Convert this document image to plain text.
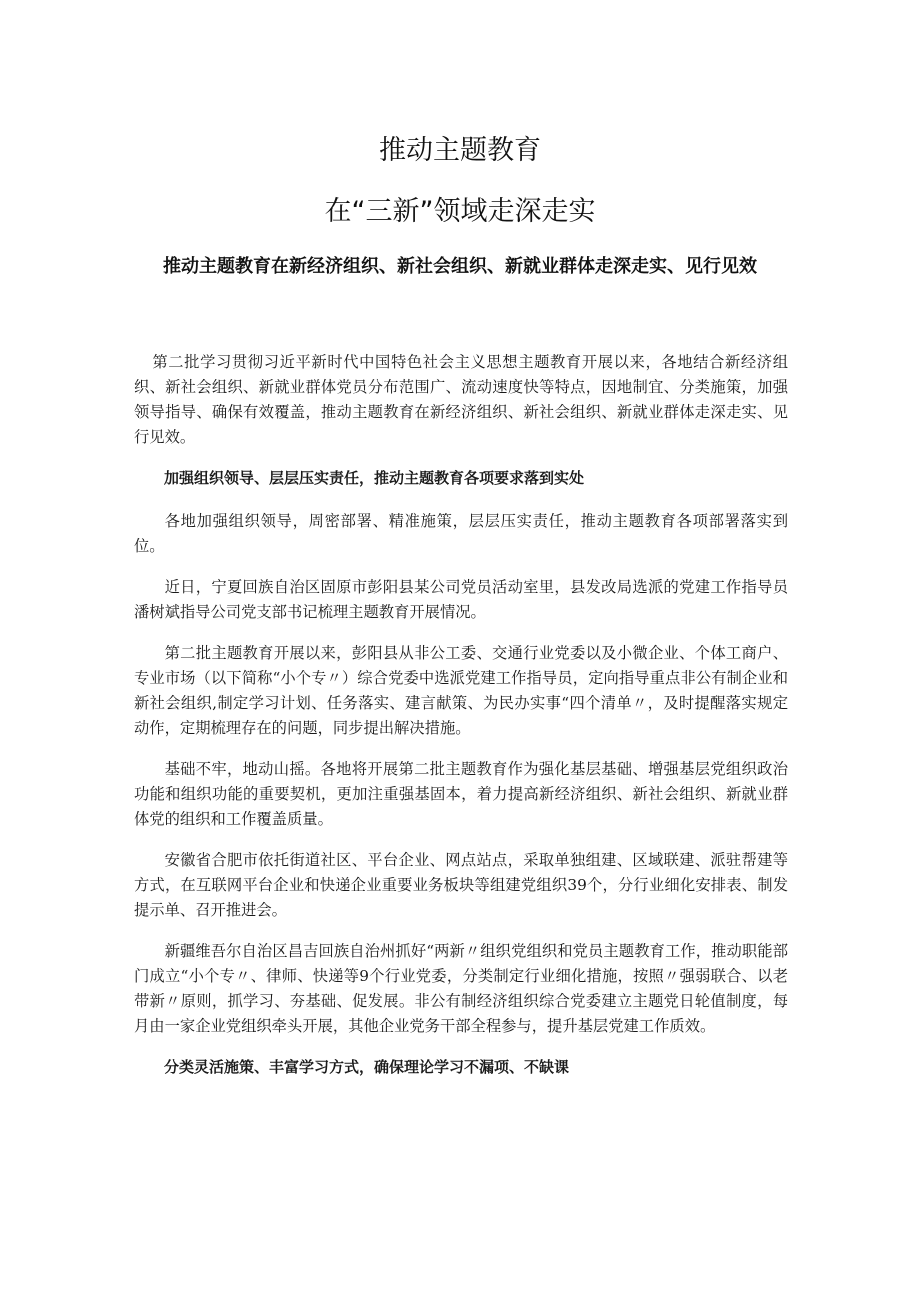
推动主题教育
在“三新”领域走深走实
推动主题教育在新经济组织、新社会组织、新就业群体走深走实、见行见效

第二批学习贯彻习近平新时代中国特色社会主义思想主题教育开展以来，各地结合新经济组织、新社会组织、新就业群体党员分布范围广、流动速度快等特点，因地制宜、分类施策，加强领导指导、确保有效覆盖，推动主题教育在新经济组织、新社会组织、新就业群体走深走实、见行见效。

加强组织领导、层层压实责任，推动主题教育各项要求落到实处

各地加强组织领导，周密部署、精准施策，层层压实责任，推动主题教育各项部署落实到位。

近日，宁夏回族自治区固原市彭阳县某公司党员活动室里，县发改局选派的党建工作指导员潘树斌指导公司党支部书记梳理主题教育开展情况。

第二批主题教育开展以来，彭阳县从非公工委、交通行业党委以及小微企业、个体工商户、专业市场（以下简称“小个专〃）综合党委中选派党建工作指导员，定向指导重点非公有制企业和新社会组织,制定学习计划、任务落实、建言献策、为民办实事“四个清单〃，及时提醒落实规定动作，定期梳理存在的问题，同步提出解决措施。

基础不牢，地动山摇。各地将开展第二批主题教育作为强化基层基础、增强基层党组织政治功能和组织功能的重要契机，更加注重强基固本，着力提高新经济组织、新社会组织、新就业群体党的组织和工作覆盖质量。

安徽省合肥市依托街道社区、平台企业、网点站点，采取单独组建、区域联建、派驻帮建等方式，在互联网平台企业和快递企业重要业务板块等组建党组织39个，分行业细化安排表、制发提示单、召开推进会。

新疆维吾尔自治区昌吉回族自治州抓好“两新〃组织党组织和党员主题教育工作，推动职能部门成立“小个专〃、律师、快递等9个行业党委，分类制定行业细化措施，按照〃强弱联合、以老带新〃原则，抓学习、夯基础、促发展。非公有制经济组织综合党委建立主题党日轮值制度，每月由一家企业党组织牵头开展，其他企业党务干部全程参与，提升基层党建工作质效。

分类灵活施策、丰富学习方式，确保理论学习不漏项、不缺课
